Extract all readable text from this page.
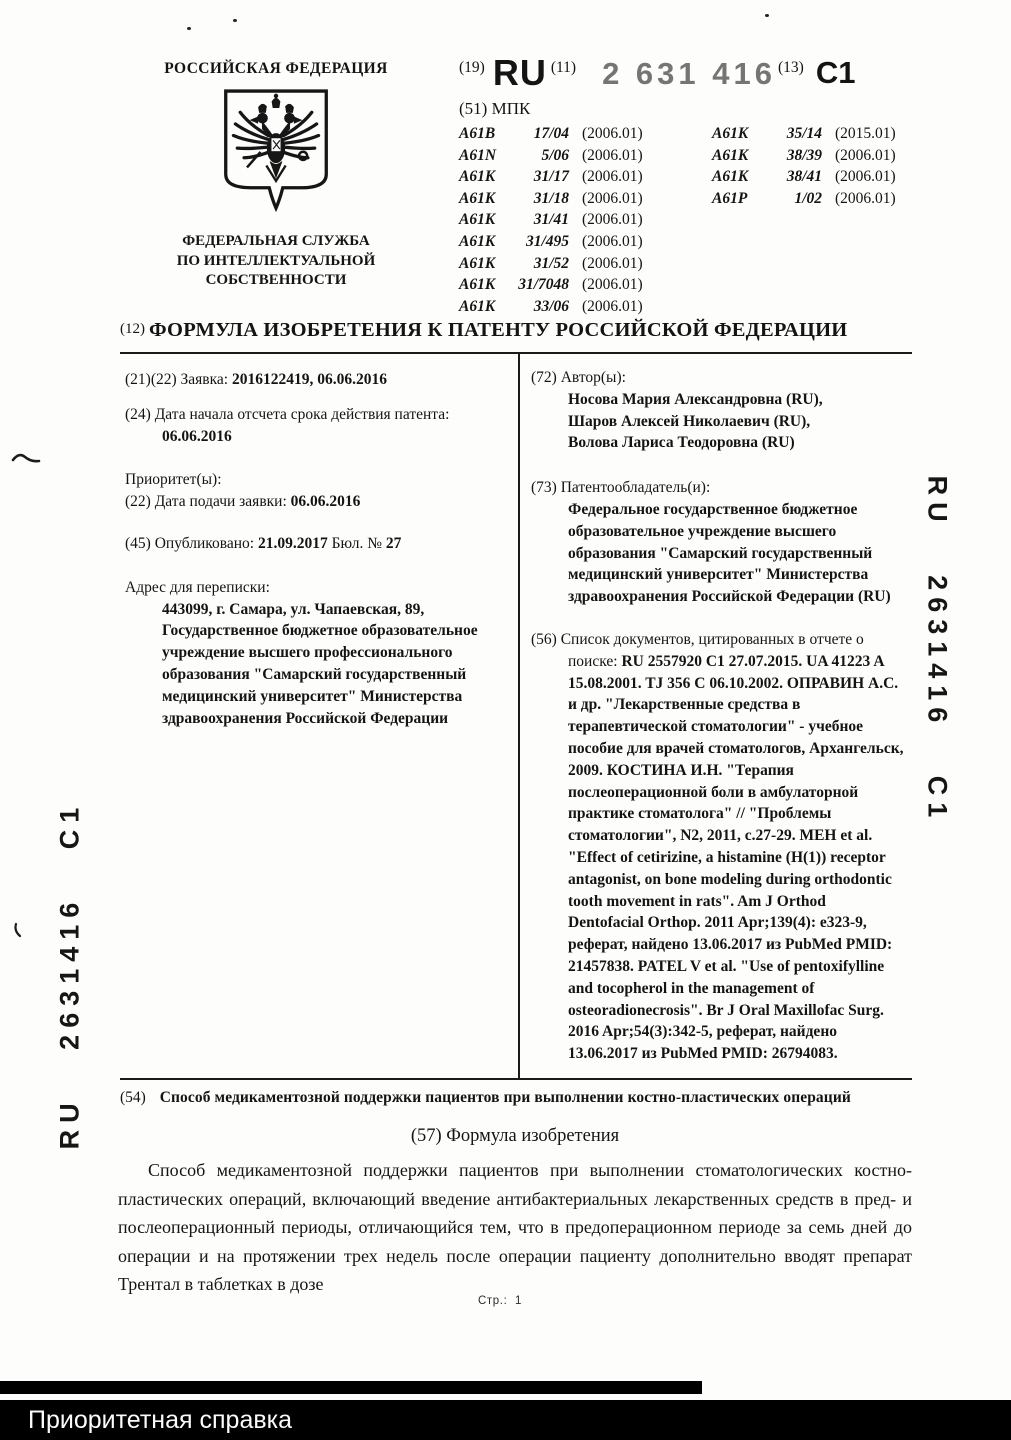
RU 2631416 C1
RU 2631416 C1
РОССИЙСКАЯ ФЕДЕРАЦИЯ
ФЕДЕРАЛЬНАЯ СЛУЖБА
ПО ИНТЕЛЛЕКТУАЛЬНОЙ СОБСТВЕННОСТИ
(19) RU (11) 2 631 416 (13) C1
(51) МПК
A61B	17/04 (2006.01)
A61N	5/06 (2006.01)
A61K	31/17 (2006.01)
A61K	31/18 (2006.01)
A61K	31/41 (2006.01)
A61K	31/495 (2006.01)
A61K	31/52 (2006.01)
A61K	31/7048 (2006.01)
A61K	33/06 (2006.01)
A61K	35/14 (2015.01)
A61K	38/39 (2006.01)
A61K	38/41 (2006.01)
A61P	1/02 (2006.01)
(12) ФОРМУЛА ИЗОБРЕТЕНИЯ К ПАТЕНТУ РОССИЙСКОЙ ФЕДЕРАЦИИ
(21)(22) Заявка: 2016122419, 06.06.2016
(24) Дата начала отсчета срока действия патента:
06.06.2016
Приоритет(ы):
(22) Дата подачи заявки: 06.06.2016
(45) Опубликовано: 21.09.2017 Бюл. № 27
Адрес для переписки:
443099, г. Самара, ул. Чапаевская, 89, Государственное бюджетное образовательное учреждение высшего профессионального образования "Самарский государственный медицинский университет" Министерства здравоохранения Российской Федерации
(72) Автор(ы):
Носова Мария Александровна (RU),
Шаров Алексей Николаевич (RU),
Волова Лариса Теодоровна (RU)
(73) Патентообладатель(и):
Федеральное государственное бюджетное образовательное учреждение высшего образования "Самарский государственный медицинский университет" Министерства здравоохранения Российской Федерации (RU)
(56) Список документов, цитированных в отчете о поиске: RU 2557920 C1 27.07.2015. UA 41223 A 15.08.2001. TJ 356 C 06.10.2002. ОПРАВИН А.С. и др. "Лекарственные средства в терапевтической стоматологии" - учебное пособие для врачей стоматологов, Архангельск, 2009. КОСТИНА И.Н. "Терапия послеоперационной боли в амбулаторной практике стоматолога" // "Проблемы стоматологии", N2, 2011, с.27-29. MEH et al. "Effect of cetirizine, a histamine (H(1)) receptor antagonist, on bone modeling during orthodontic tooth movement in rats". Am J Orthod Dentofacial Orthop. 2011 Apr;139(4): e323-9, реферат, найдено 13.06.2017 из PubMed PMID: 21457838. PATEL V et al. "Use of pentoxifylline and tocopherol in the management of osteoradionecrosis". Br J Oral Maxillofac Surg. 2016 Apr;54(3):342-5, реферат, найдено 13.06.2017 из PubMed PMID: 26794083.
(54) Способ медикаментозной поддержки пациентов при выполнении костно-пластических операций
(57) Формула изобретения
Способ медикаментозной поддержки пациентов при выполнении стоматологических костно-пластических операций, включающий введение антибактериальных лекарственных средств в пред- и послеоперационный периоды, отличающийся тем, что в предоперационном периоде за семь дней до операции и на протяжении трех недель после операции пациенту дополнительно вводят препарат Трентал в таблетках в дозе
Стр.:  1
Приоритетная справка
